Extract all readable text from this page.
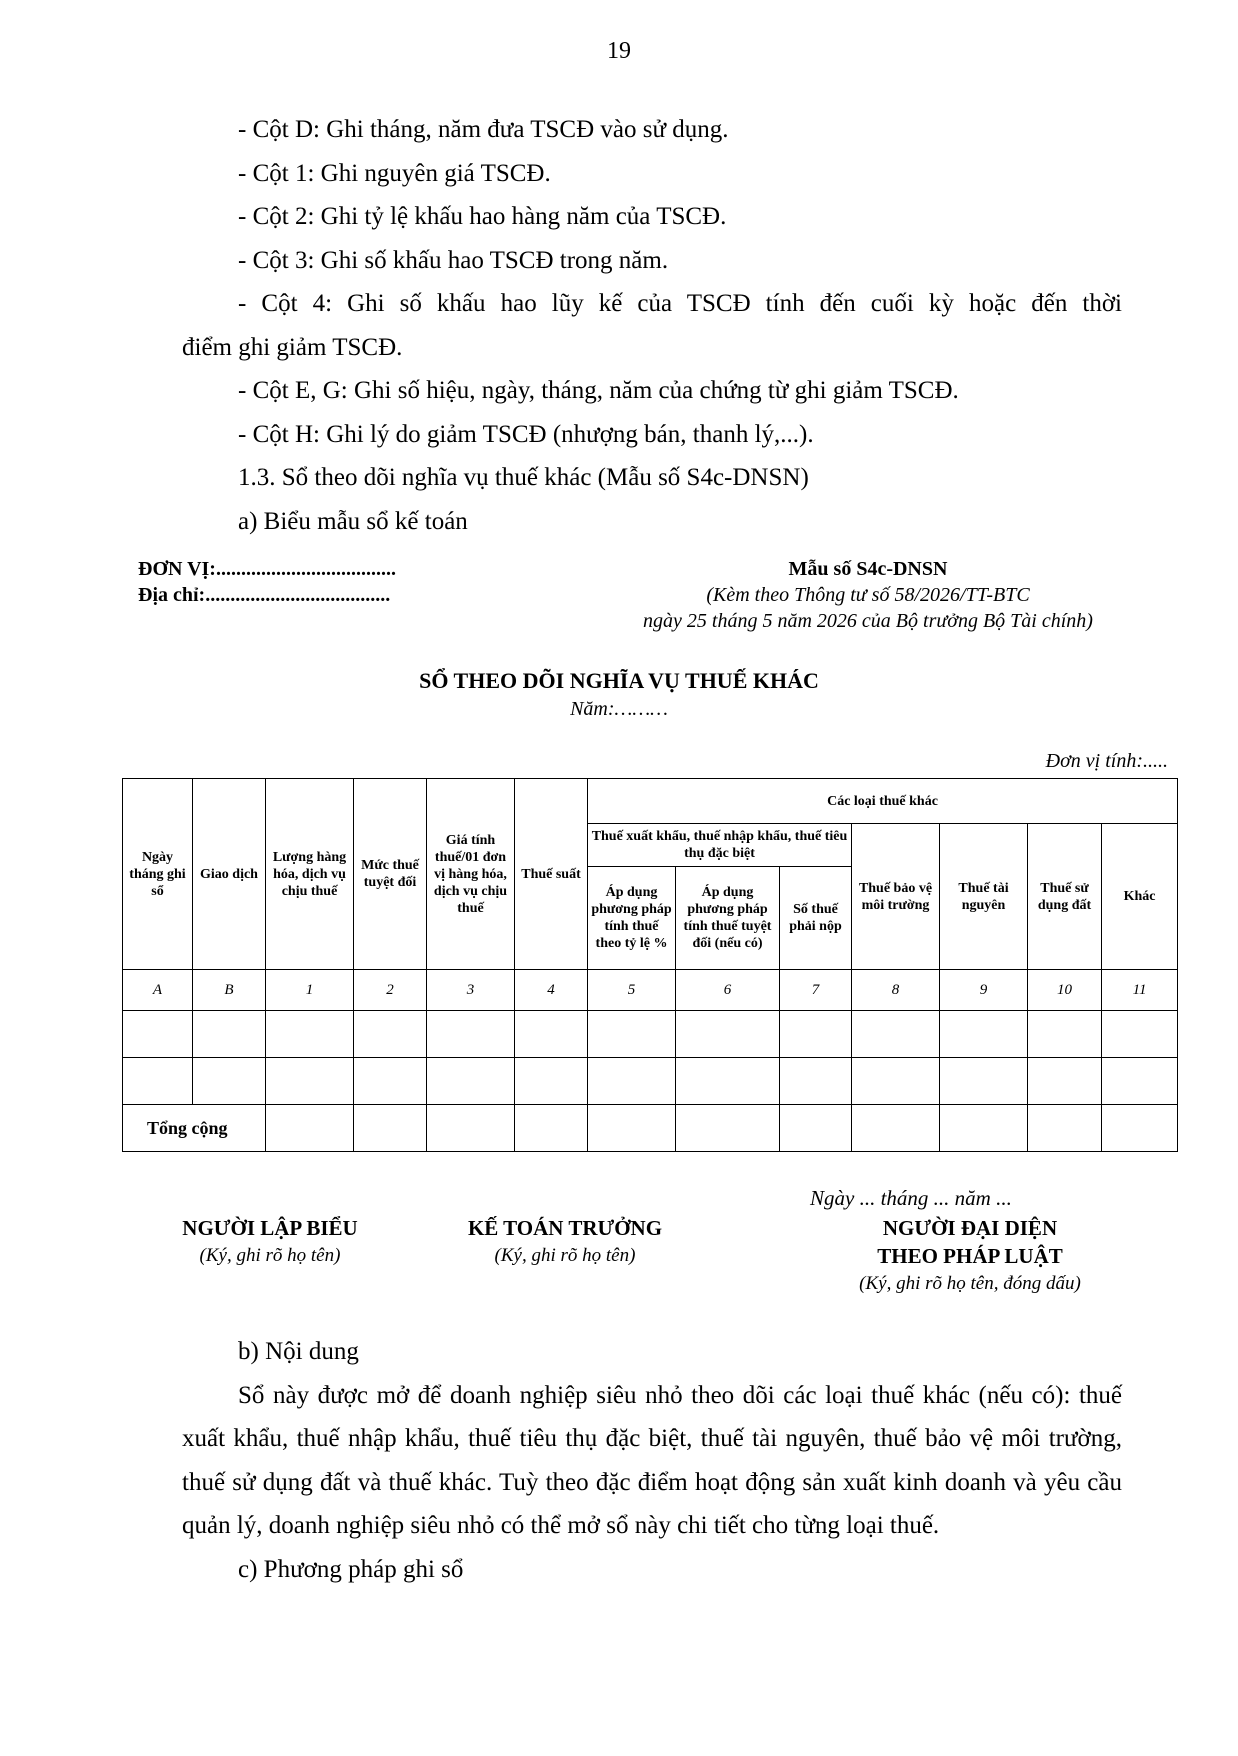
19

- Cột D: Ghi tháng, năm đưa TSCĐ vào sử dụng.

- Cột 1: Ghi nguyên giá TSCĐ.

- Cột 2: Ghi tỷ lệ khấu hao hàng năm của TSCĐ.

- Cột 3: Ghi số khấu hao TSCĐ trong năm.

- Cột 4: Ghi số khấu hao lũy kế của TSCĐ tính đến cuối kỳ hoặc đến thời

điểm ghi giảm TSCĐ.

- Cột E, G: Ghi số hiệu, ngày, tháng, năm của chứng từ ghi giảm TSCĐ.

- Cột H: Ghi lý do giảm TSCĐ (nhượng bán, thanh lý,...).

1.3. Sổ theo dõi nghĩa vụ thuế khác (Mẫu số S4c-DNSN)

a) Biểu mẫu sổ kế toán

ĐƠN VỊ:....................................
Địa chỉ:.....................................
Mẫu số S4c-DNSN
(Kèm theo Thông tư số 58/2026/TT-BTC
ngày 25 tháng 5 năm 2026 của Bộ trưởng Bộ Tài chính)
SỔ THEO DÕI NGHĨA VỤ THUẾ KHÁC
Năm:………
Đơn vị tính:.....
Ngày tháng ghi sổ	Giao dịch	Lượng hàng hóa, dịch vụ chịu thuế	Mức thuế tuyệt đối	Giá tính thuế/01 đơn vị hàng hóa, dịch vụ chịu thuế	Thuế suất	Các loại thuế khác						
						Thuế xuất khẩu, thuế nhập khẩu, thuế tiêu thụ đặc biệt			Thuế bảo vệ môi trường	Thuế tài nguyên	Thuế sử dụng đất	Khác
						Áp dụng phương pháp tính thuế theo tỷ lệ %	Áp dụng phương pháp tính thuế tuyệt đối (nếu có)	Số thuế phải nộp				
A	B	1	2	3	4	5	6	7	8	9	10	11

Tổng cộng												
Ngày ... tháng ... năm ...
NGƯỜI LẬP BIỂU
(Ký, ghi rõ họ tên)
KẾ TOÁN TRƯỞNG
(Ký, ghi rõ họ tên)
NGƯỜI ĐẠI DIỆN
THEO PHÁP LUẬT
(Ký, ghi rõ họ tên, đóng dấu)

b) Nội dung

Sổ này được mở để doanh nghiệp siêu nhỏ theo dõi các loại thuế khác (nếu có): thuế xuất khẩu, thuế nhập khẩu, thuế tiêu thụ đặc biệt, thuế tài nguyên, thuế bảo vệ môi trường, thuế sử dụng đất và thuế khác. Tuỳ theo đặc điểm hoạt động sản xuất kinh doanh và yêu cầu quản lý, doanh nghiệp siêu nhỏ có thể mở sổ này chi tiết cho từng loại thuế.

c) Phương pháp ghi sổ
